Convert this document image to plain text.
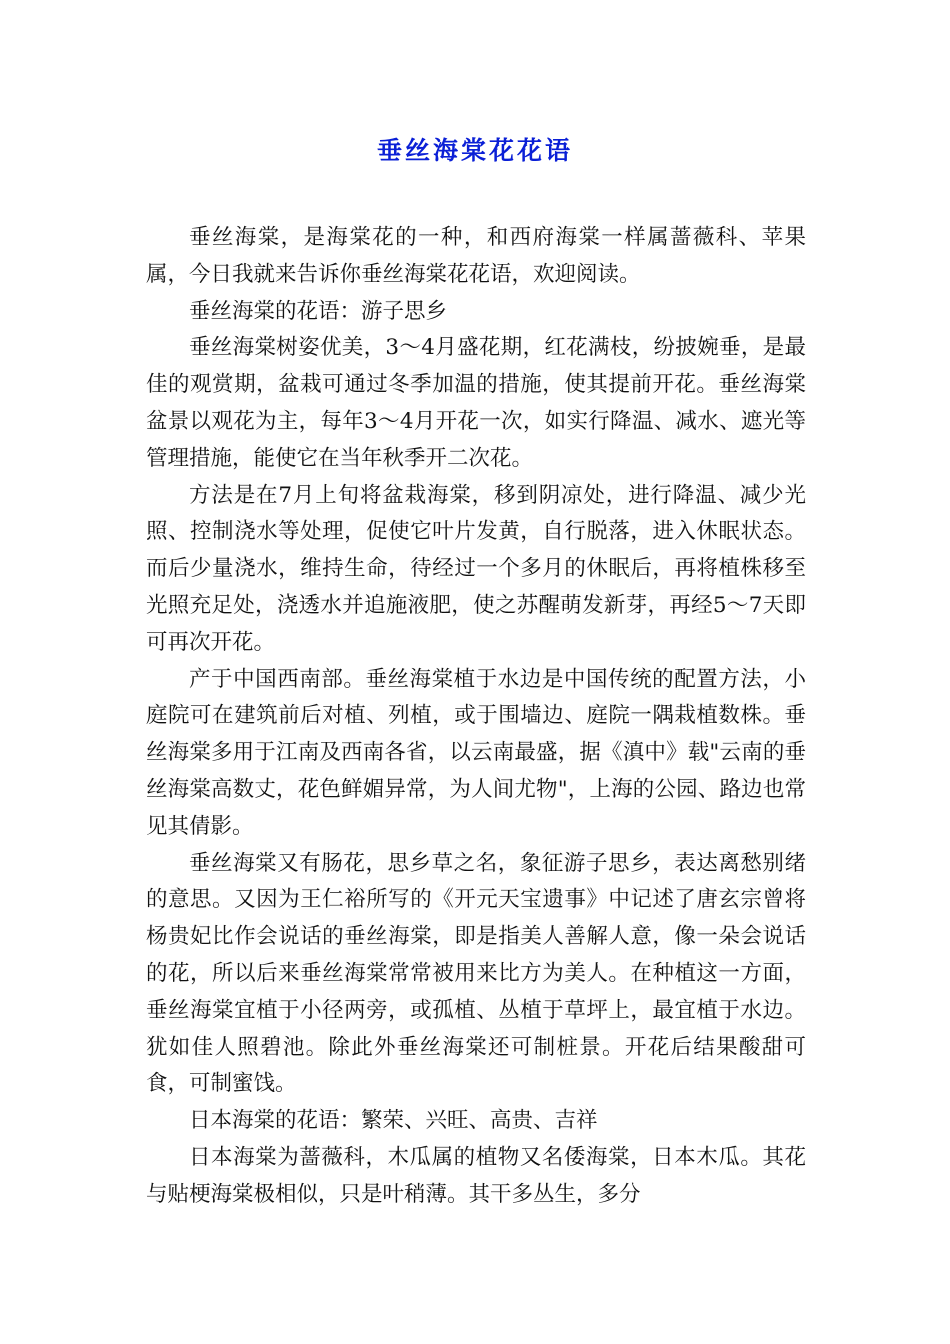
垂丝海棠花花语

垂丝海棠，是海棠花的一种，和西府海棠一样属蔷薇科、苹果属，今日我就来告诉你垂丝海棠花花语，欢迎阅读。

垂丝海棠的花语：游子思乡

垂丝海棠树姿优美，3～4月盛花期，红花满枝，纷披婉垂，是最佳的观赏期，盆栽可通过冬季加温的措施，使其提前开花。垂丝海棠盆景以观花为主，每年3～4月开花一次，如实行降温、减水、遮光等管理措施，能使它在当年秋季开二次花。

方法是在7月上旬将盆栽海棠，移到阴凉处，进行降温、减少光照、控制浇水等处理，促使它叶片发黄，自行脱落，进入休眠状态。而后少量浇水，维持生命，待经过一个多月的休眠后，再将植株移至光照充足处，浇透水并追施液肥，使之苏醒萌发新芽，再经5～7天即可再次开花。

产于中国西南部。垂丝海棠植于水边是中国传统的配置方法，小庭院可在建筑前后对植、列植，或于围墙边、庭院一隅栽植数株。垂丝海棠多用于江南及西南各省，以云南最盛，据《滇中》载"云南的垂丝海棠高数丈，花色鲜媚异常，为人间尤物"，上海的公园、路边也常见其倩影。

垂丝海棠又有肠花，思乡草之名，象征游子思乡，表达离愁别绪的意思。又因为王仁裕所写的《开元天宝遗事》中记述了唐玄宗曾将杨贵妃比作会说话的垂丝海棠，即是指美人善解人意，像一朵会说话的花，所以后来垂丝海棠常常被用来比方为美人。在种植这一方面，垂丝海棠宜植于小径两旁，或孤植、丛植于草坪上，最宜植于水边。犹如佳人照碧池。除此外垂丝海棠还可制桩景。开花后结果酸甜可食，可制蜜饯。

日本海棠的花语：繁荣、兴旺、高贵、吉祥

日本海棠为蔷薇科，木瓜属的植物又名倭海棠，日本木瓜。其花与贴梗海棠极相似，只是叶稍薄。其干多丛生，多分
